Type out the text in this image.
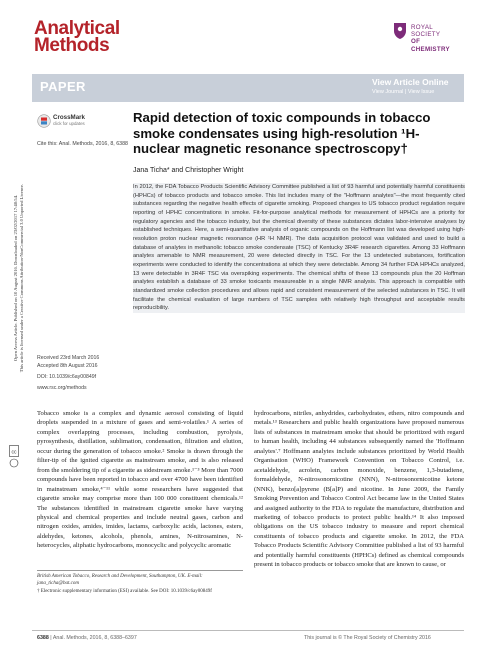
Analytical
Methods
ROYAL SOCIETY
OF CHEMISTRY
PAPER	View Article Online
View Journal | View Issue
Open Access Article. Published on 10 August 2016. Downloaded on 23/02/2017 17:48:54. This article is licensed under a Creative Commons Attribution-NonCommercial 3.0 Unported Licence.
CrossMark
click for updates
Cite this: Anal. Methods, 2016, 8, 6388
Rapid detection of toxic compounds in tobacco smoke condensates using high-resolution ¹H-nuclear magnetic resonance spectroscopy†
Jana Ticha* and Christopher Wright
In 2012, the FDA Tobacco Products Scientific Advisory Committee published a list of 93 harmful and potentially harmful constituents (HPHCs) of tobacco products and tobacco smoke. This list includes many of the "Hoffmann analytes"—the most frequently cited substances regarding the negative health effects of cigarette smoking. Proposed changes to US tobacco product regulation require reporting of HPHC concentrations in smoke. Fit-for-purpose analytical methods for measurement of HPHCs are a priority for regulatory agencies and the tobacco industry, but the chemical diversity of these substances dictates labor-intensive analyses by established techniques. Here, a semi-quantitative analysis of organic compounds on the Hoffmann list was developed using high-resolution proton nuclear magnetic resonance (HR ¹H NMR). The data acquisition protocol was validated and used to build a database of analytes in methanolic tobacco smoke condensate (TSC) of Kentucky 3R4F research cigarettes. Among 33 Hoffmann analytes amenable to NMR measurement, 20 were detected directly in TSC. For the 13 undetected substances, fortification experiments were conducted to identify the concentrations at which they were detectable. Among 34 further FDA HPHCs analyzed, 13 were detectable in 3R4F TSC via overspiking experiments. The chemical shifts of these 13 compounds plus the 20 Hoffman analytes establish a database of 33 smoke toxicants measureable in a single NMR analysis. This approach is compatible with standardized smoke collection procedures and allows rapid and consistent measurement of the selected substances in TSC. It will facilitate the chemical evaluation of large numbers of TSC samples with relatively high throughput and acceptable results reproducibility.
Received 23rd March 2016
Accepted 8th August 2016
DOI: 10.1039/c6ay00849f
www.rsc.org/methods
cc
Tobacco smoke is a complex and dynamic aerosol consisting of liquid droplets suspended in a mixture of gases and semi-volatiles.¹ A series of complex overlapping processes, including combustion, pyrolysis, pyrosynthesis, distillation, sublimation, condensation, filtration and elution, occur during the generation of tobacco smoke.² Smoke is drawn through the filter-tip of the ignited cigarette as mainstream smoke, and is also released from the smoldering tip of a cigarette as sidestream smoke.¹⁻³ More than 7000 compounds have been reported in tobacco and over 4700 have been identified in mainstream smoke,⁴⁻¹¹ while some researchers have suggested that cigarette smoke may comprise more than 100 000 constituent chemicals.¹² The substances identified in mainstream cigarette smoke have varying physical and chemical properties and include neutral gases, carbon and nitrogen oxides, amides, imides, lactams, carboxylic acids, lactones, esters, aldehydes, ketones, alcohols, phenols, amines, N-nitrosamines, N-heterocycles, aliphatic hydrocarbons, monocyclic and polycyclic aromatic
hydrocarbons, nitriles, anhydrides, carbohydrates, ethers, nitro compounds and metals.¹³ Researchers and public health organizations have proposed numerous lists of substances in mainstream smoke that should be prioritized with regard to human health, including 44 substances subsequently named the 'Hoffmann analytes'.⁷ Hoffmann analytes include substances prioritized by World Health Organisation (WHO) Framework Convention on Tobacco Control, i.e. acetaldehyde, acrolein, carbon monoxide, benzene, 1,3-butadiene, formaldehyde, N-nitrosonornicotine (NNN), N-nitrosonornicotine ketone (NNK), benzo[a]pyrene (B[a]P) and nicotine. In June 2009, the Family Smoking Prevention and Tobacco Control Act became law in the United States and assigned authority to the FDA to regulate the manufacture, distribution and marketing of tobacco products to protect public health.¹⁴ It also imposed obligations on the US tobacco industry to measure and report chemical constituents of tobacco products and cigarette smoke. In 2012, the FDA Tobacco Products Scientific Advisory Committee published a list of 93 harmful and potentially harmful constituents (HPHCs) defined as chemical compounds present in tobacco products or tobacco smoke that are known to cause, or
British American Tobacco, Research and Development, Southampton, UK. E-mail: jana_ticha@bat.com
† Electronic supplementary information (ESI) available. See DOI: 10.1039/c6ay00849f
6388 | Anal. Methods, 2016, 8, 6388–6397	This journal is © The Royal Society of Chemistry 2016
